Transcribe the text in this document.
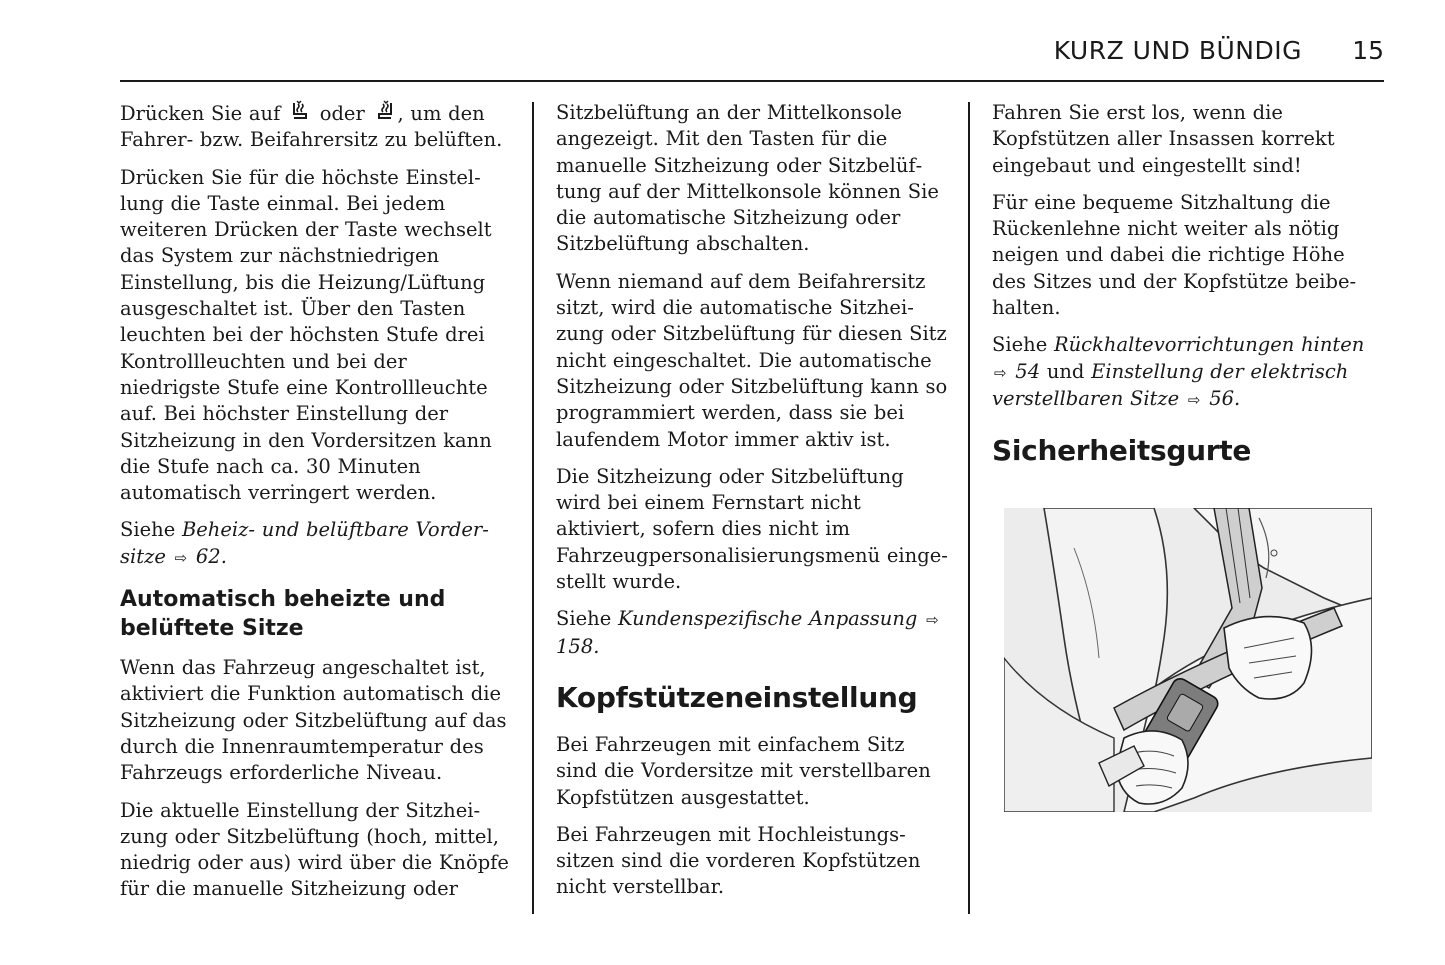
KURZ UND BÜNDIG 15

Drücken Sie auf oder , um den Fahrer- bzw. Beifahrersitz zu belüften.

Drücken Sie für die höchste Einstellung die Taste einmal. Bei jedem weiteren Drücken der Taste wechselt das System zur nächstniedrigen Einstellung, bis die Heizung/Lüftung ausgeschaltet ist. Über den Tasten leuchten bei der höchsten Stufe drei Kontrollleuchten und bei der niedrigste Stufe eine Kontrollleuchte auf. Bei höchster Einstellung der Sitzheizung in den Vordersitzen kann die Stufe nach ca. 30 Minuten automatisch verringert werden.

Siehe Beheiz- und belüftbare Vordersitze ⇨ 62.

Automatisch beheizte und belüftete Sitze

Wenn das Fahrzeug angeschaltet ist, aktiviert die Funktion automatisch die Sitzheizung oder Sitzbelüftung auf das durch die Innenraumtemperatur des Fahrzeugs erforderliche Niveau.

Die aktuelle Einstellung der Sitzheizung oder Sitzbelüftung (hoch, mittel, niedrig oder aus) wird über die Knöpfe für die manuelle Sitzheizung oder

Sitzbelüftung an der Mittelkonsole angezeigt. Mit den Tasten für die manuelle Sitzheizung oder Sitzbelüftung auf der Mittelkonsole können Sie die automatische Sitzheizung oder Sitzbelüftung abschalten.

Wenn niemand auf dem Beifahrersitz sitzt, wird die automatische Sitzheizung oder Sitzbelüftung für diesen Sitz nicht eingeschaltet. Die automatische Sitzheizung oder Sitzbelüftung kann so programmiert werden, dass sie bei laufendem Motor immer aktiv ist.

Die Sitzheizung oder Sitzbelüftung wird bei einem Fernstart nicht aktiviert, sofern dies nicht im Fahrzeugpersonalisierungsmenü eingestellt wurde.

Siehe Kundenspezifische Anpassung ⇨ 158.

Kopfstützeneinstellung

Bei Fahrzeugen mit einfachem Sitz sind die Vordersitze mit verstellbaren Kopfstützen ausgestattet.

Bei Fahrzeugen mit Hochleistungssitzen sind die vorderen Kopfstützen nicht verstellbar.

Fahren Sie erst los, wenn die Kopfstützen aller Insassen korrekt eingebaut und eingestellt sind!

Für eine bequeme Sitzhaltung die Rückenlehne nicht weiter als nötig neigen und dabei die richtige Höhe des Sitzes und der Kopfstütze beibehalten.

Siehe Rückhaltevorrichtungen hinten ⇨ 54 und Einstellung der elektrisch verstellbaren Sitze ⇨ 56.

Sicherheitsgurte
